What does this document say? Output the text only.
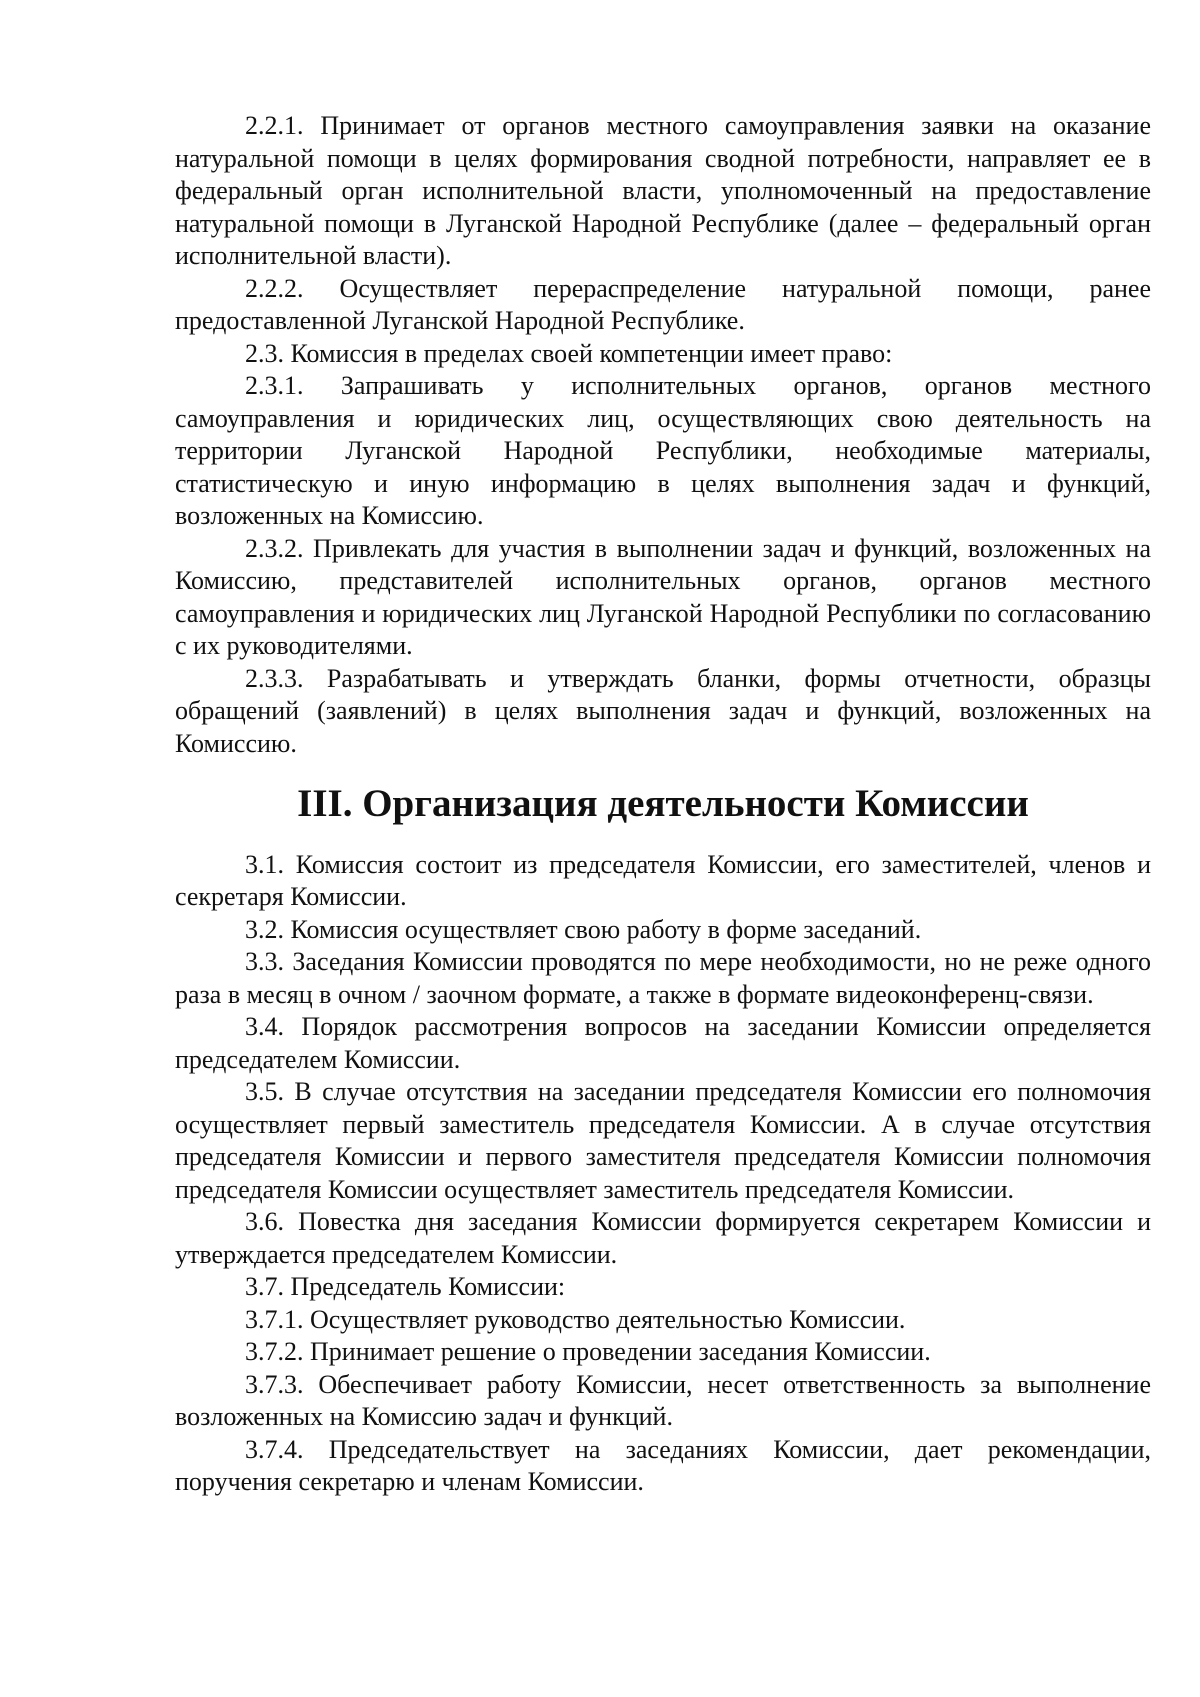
2.2.1. Принимает от органов местного самоуправления заявки на оказание натуральной помощи в целях формирования сводной потребности, направляет ее в федеральный орган исполнительной власти, уполномоченный на предоставление натуральной помощи в Луганской Народной Республике (далее – федеральный орган исполнительной власти).

2.2.2. Осуществляет перераспределение натуральной помощи, ранее предоставленной Луганской Народной Республике.

2.3. Комиссия в пределах своей компетенции имеет право:

2.3.1. Запрашивать у исполнительных органов, органов местного самоуправления и юридических лиц, осуществляющих свою деятельность на территории Луганской Народной Республики, необходимые материалы, статистическую и иную информацию в целях выполнения задач и функций, возложенных на Комиссию.

2.3.2. Привлекать для участия в выполнении задач и функций, возложенных на Комиссию, представителей исполнительных органов, органов местного самоуправления и юридических лиц Луганской Народной Республики по согласованию с их руководителями.

2.3.3. Разрабатывать и утверждать бланки, формы отчетности, образцы обращений (заявлений) в целях выполнения задач и функций, возложенных на Комиссию.

III. Организация деятельности Комиссии

3.1. Комиссия состоит из председателя Комиссии, его заместителей, членов и секретаря Комиссии.

3.2. Комиссия осуществляет свою работу в форме заседаний.

3.3. Заседания Комиссии проводятся по мере необходимости, но не реже одного раза в месяц в очном / заочном формате, а также в формате видеоконференц-связи.

3.4. Порядок рассмотрения вопросов на заседании Комиссии определяется председателем Комиссии.

3.5. В случае отсутствия на заседании председателя Комиссии его полномочия осуществляет первый заместитель председателя Комиссии. А в случае отсутствия председателя Комиссии и первого заместителя председателя Комиссии полномочия председателя Комиссии осуществляет заместитель председателя Комиссии.

3.6. Повестка дня заседания Комиссии формируется секретарем Комиссии и утверждается председателем Комиссии.

3.7. Председатель Комиссии:

3.7.1. Осуществляет руководство деятельностью Комиссии.

3.7.2. Принимает решение о проведении заседания Комиссии.

3.7.3. Обеспечивает работу Комиссии, несет ответственность за выполнение возложенных на Комиссию задач и функций.

3.7.4. Председательствует на заседаниях Комиссии, дает рекомендации, поручения секретарю и членам Комиссии.
